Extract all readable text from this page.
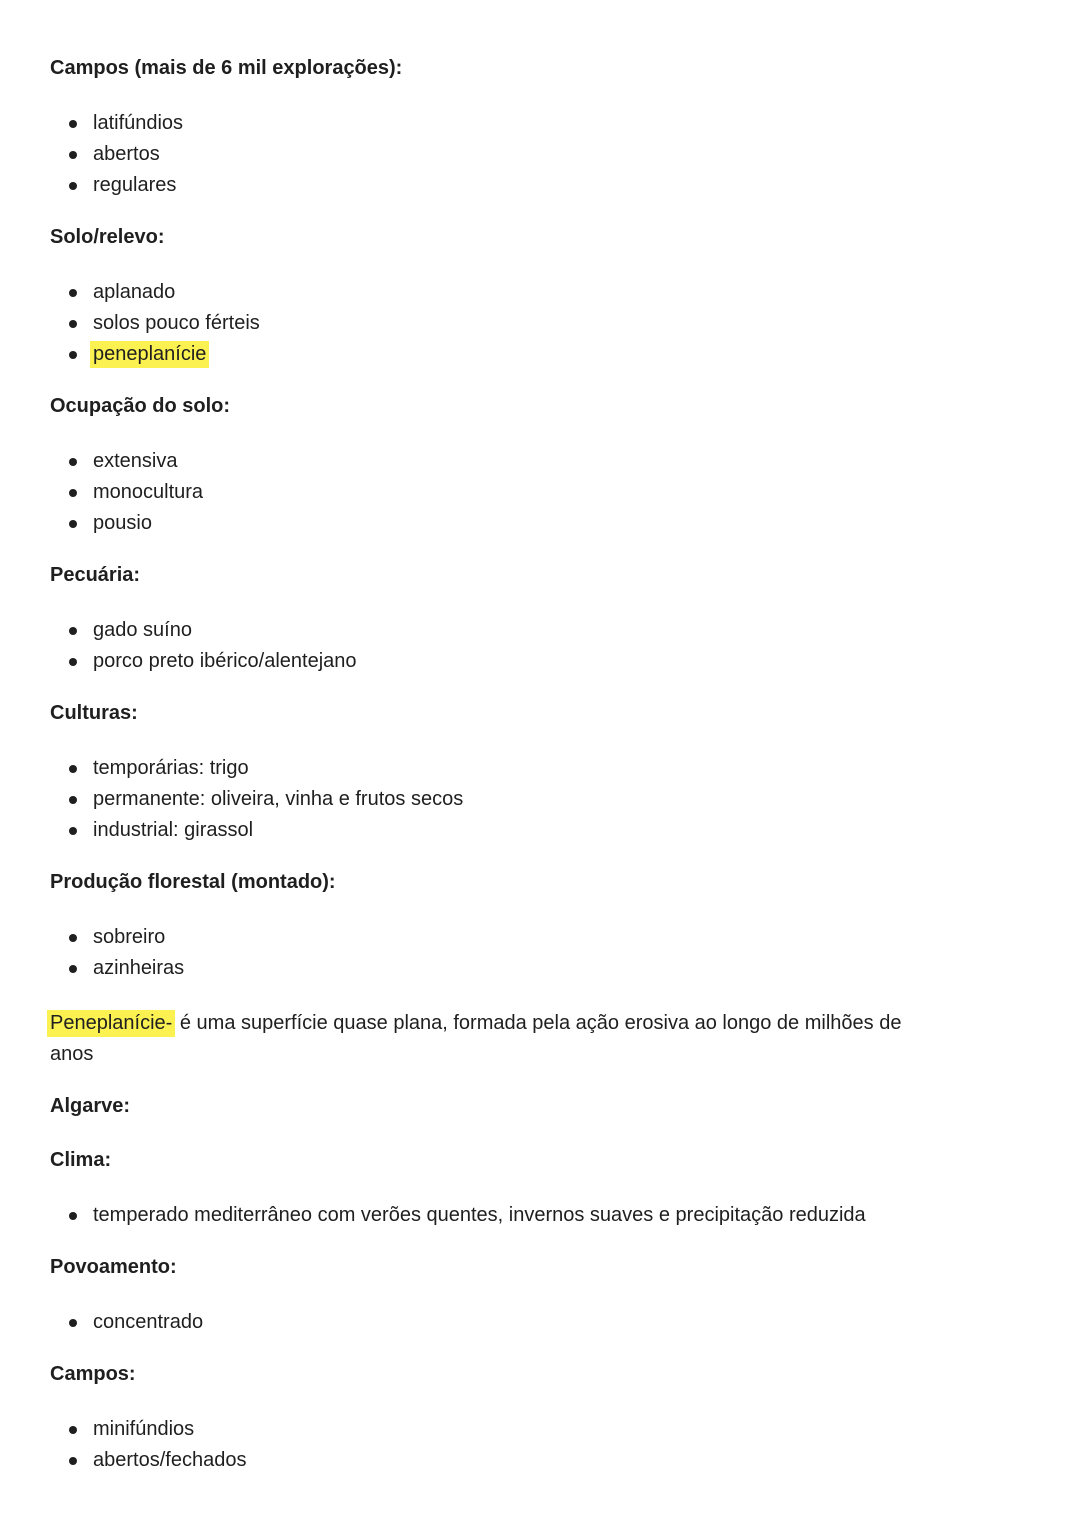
Campos (mais de 6 mil explorações):
latifúndios
abertos
regulares
Solo/relevo:
aplanado
solos pouco férteis
peneplanície
Ocupação do solo:
extensiva
monocultura
pousio
Pecuária:
gado suíno
porco preto ibérico/alentejano
Culturas:
temporárias: trigo
permanente: oliveira, vinha e frutos secos
industrial: girassol
Produção florestal (montado):
sobreiro
azinheiras

Peneplanície- é uma superfície quase plana, formada pela ação erosiva ao longo de milhões de
anos

Algarve:
Clima:
temperado mediterrâneo com verões quentes, invernos suaves e precipitação reduzida
Povoamento:
concentrado
Campos:
minifúndios
abertos/fechados
